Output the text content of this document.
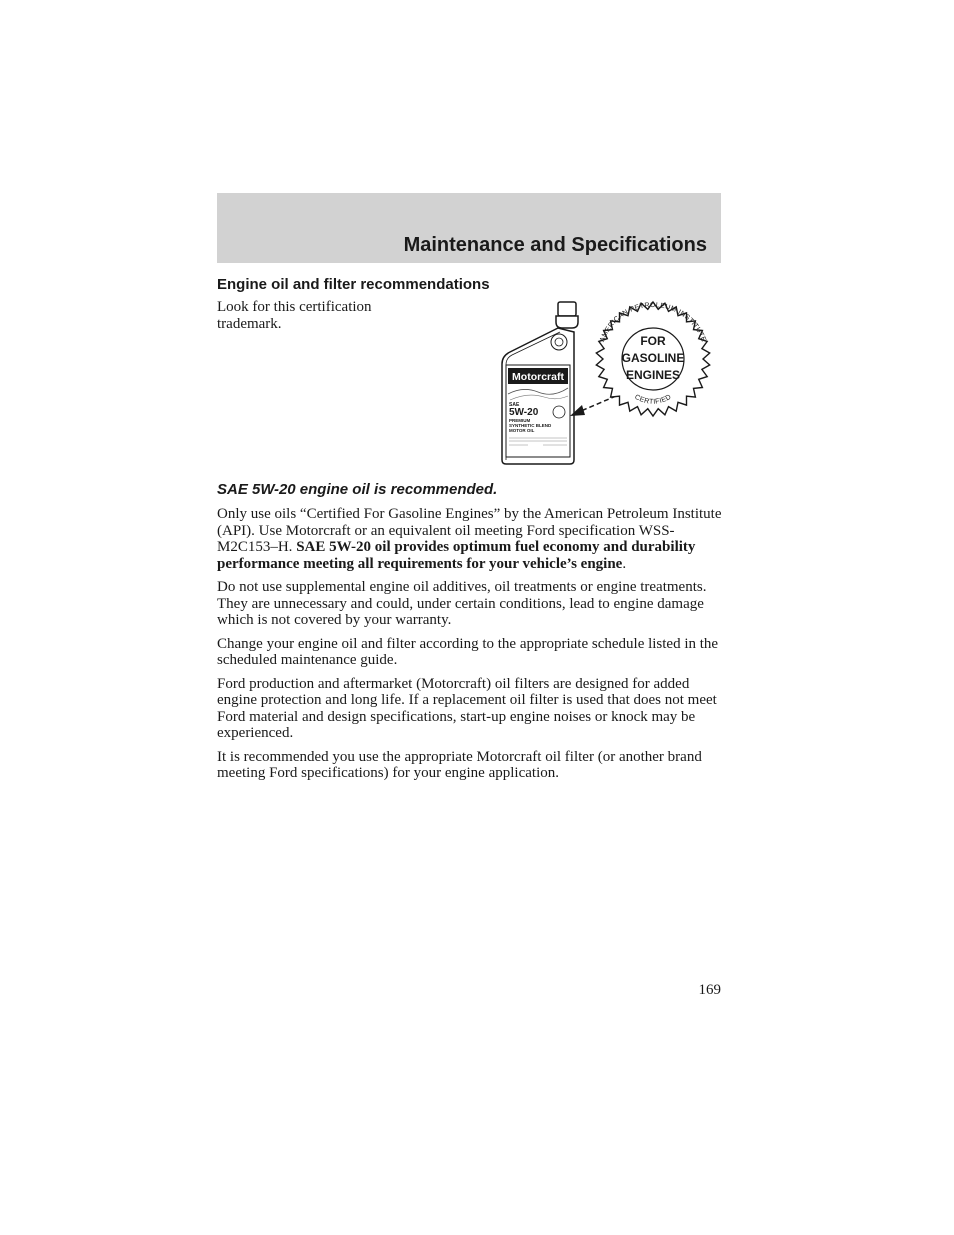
Maintenance and Specifications
Engine oil and filter recommendations

Look for this certification trademark.

Motorcraft
SAE
5W-20
PREMIUM
SYNTHETIC BLEND
MOTOR OIL
AMERICAN PETROLEUM INSTITUTE
FOR
GASOLINE
ENGINES
CERTIFIED
SAE 5W-20 engine oil is recommended.

Only use oils “Certified For Gasoline Engines” by the American Petroleum Institute (API). Use Motorcraft or an equivalent oil meeting Ford specification WSS-M2C153–H. SAE 5W-20 oil provides optimum fuel economy and durability performance meeting all requirements for your vehicle’s engine.

Do not use supplemental engine oil additives, oil treatments or engine treatments. They are unnecessary and could, under certain conditions, lead to engine damage which is not covered by your warranty.

Change your engine oil and filter according to the appropriate schedule listed in the scheduled maintenance guide.

Ford production and aftermarket (Motorcraft) oil filters are designed for added engine protection and long life. If a replacement oil filter is used that does not meet Ford material and design specifications, start-up engine noises or knock may be experienced.

It is recommended you use the appropriate Motorcraft oil filter (or another brand meeting Ford specifications) for your engine application.

169
